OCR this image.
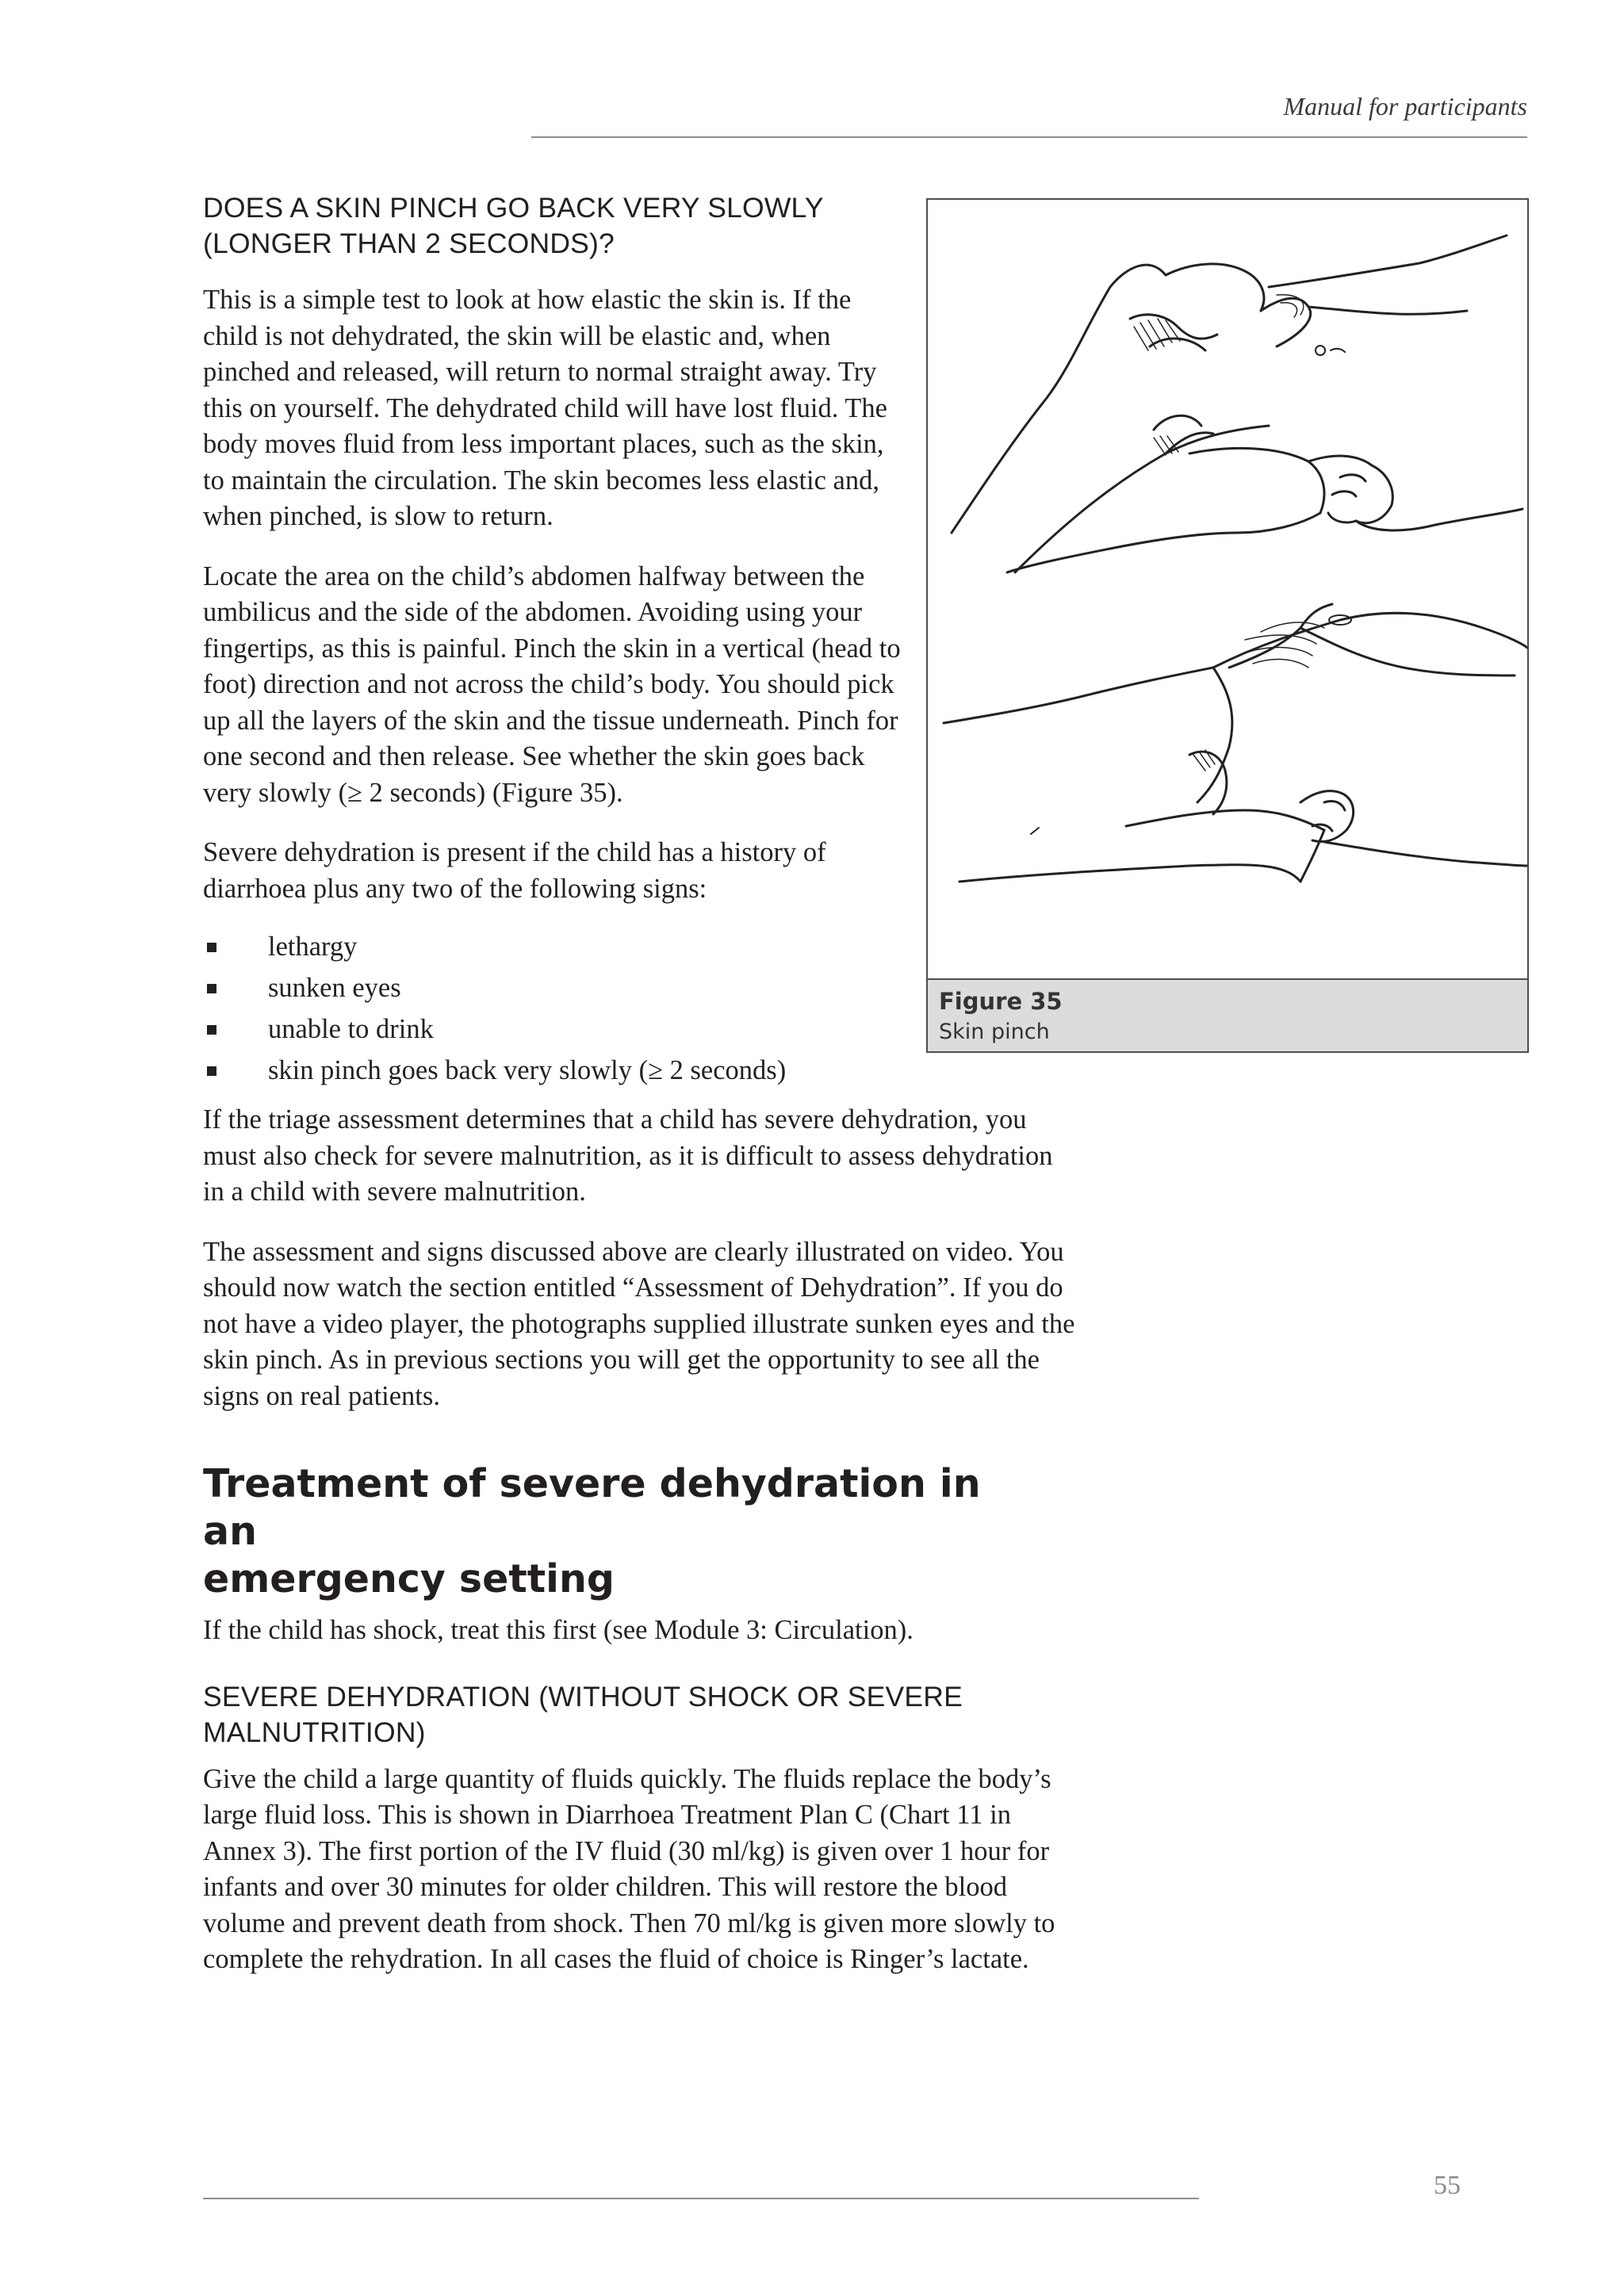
Manual for participants
Figure 35
Skin pinch
DOES A SKIN PINCH GO BACK VERY SLOWLY
(LONGER THAN 2 SECONDS)?

This is a simple test to look at how elastic the skin is. If the child is not dehydrated, the skin will be elastic and, when pinched and released, will return to normal straight away. Try this on yourself. The dehydrated child will have lost fluid. The body moves fluid from less important places, such as the skin, to maintain the circulation. The skin becomes less elastic and, when pinched, is slow to return.

Locate the area on the child’s abdomen halfway between the umbilicus and the side of the abdomen. Avoiding using your fingertips, as this is painful. Pinch the skin in a vertical (head to foot) direction and not across the child’s body. You should pick up all the layers of the skin and the tissue underneath. Pinch for one second and then release. See whether the skin goes back very slowly (≥ 2 seconds) (Figure 35).

Severe dehydration is present if the child has a history of diarrhoea plus any two of the following signs:

lethargy
sunken eyes
unable to drink
skin pinch goes back very slowly (≥ 2 seconds)

If the triage assessment determines that a child has severe dehydration, you must also check for severe malnutrition, as it is difficult to assess dehydration in a child with severe malnutrition.

The assessment and signs discussed above are clearly illustrated on video. You should now watch the section entitled “Assessment of Dehydration”. If you do not have a video player, the photographs supplied illustrate sunken eyes and the skin pinch. As in previous sections you will get the opportunity to see all the signs on real patients.

Treatment of severe dehydration in an
emergency setting

If the child has shock, treat this first (see Module 3: Circulation).

SEVERE DEHYDRATION (WITHOUT SHOCK OR SEVERE MALNUTRITION)

Give the child a large quantity of fluids quickly. The fluids replace the body’s large fluid loss. This is shown in Diarrhoea Treatment Plan C (Chart 11 in Annex 3). The first portion of the IV fluid (30 ml/kg) is given over 1 hour for infants and over 30 minutes for older children. This will restore the blood volume and prevent death from shock. Then 70 ml/kg is given more slowly to complete the rehydration. In all cases the fluid of choice is Ringer’s lactate.

55
